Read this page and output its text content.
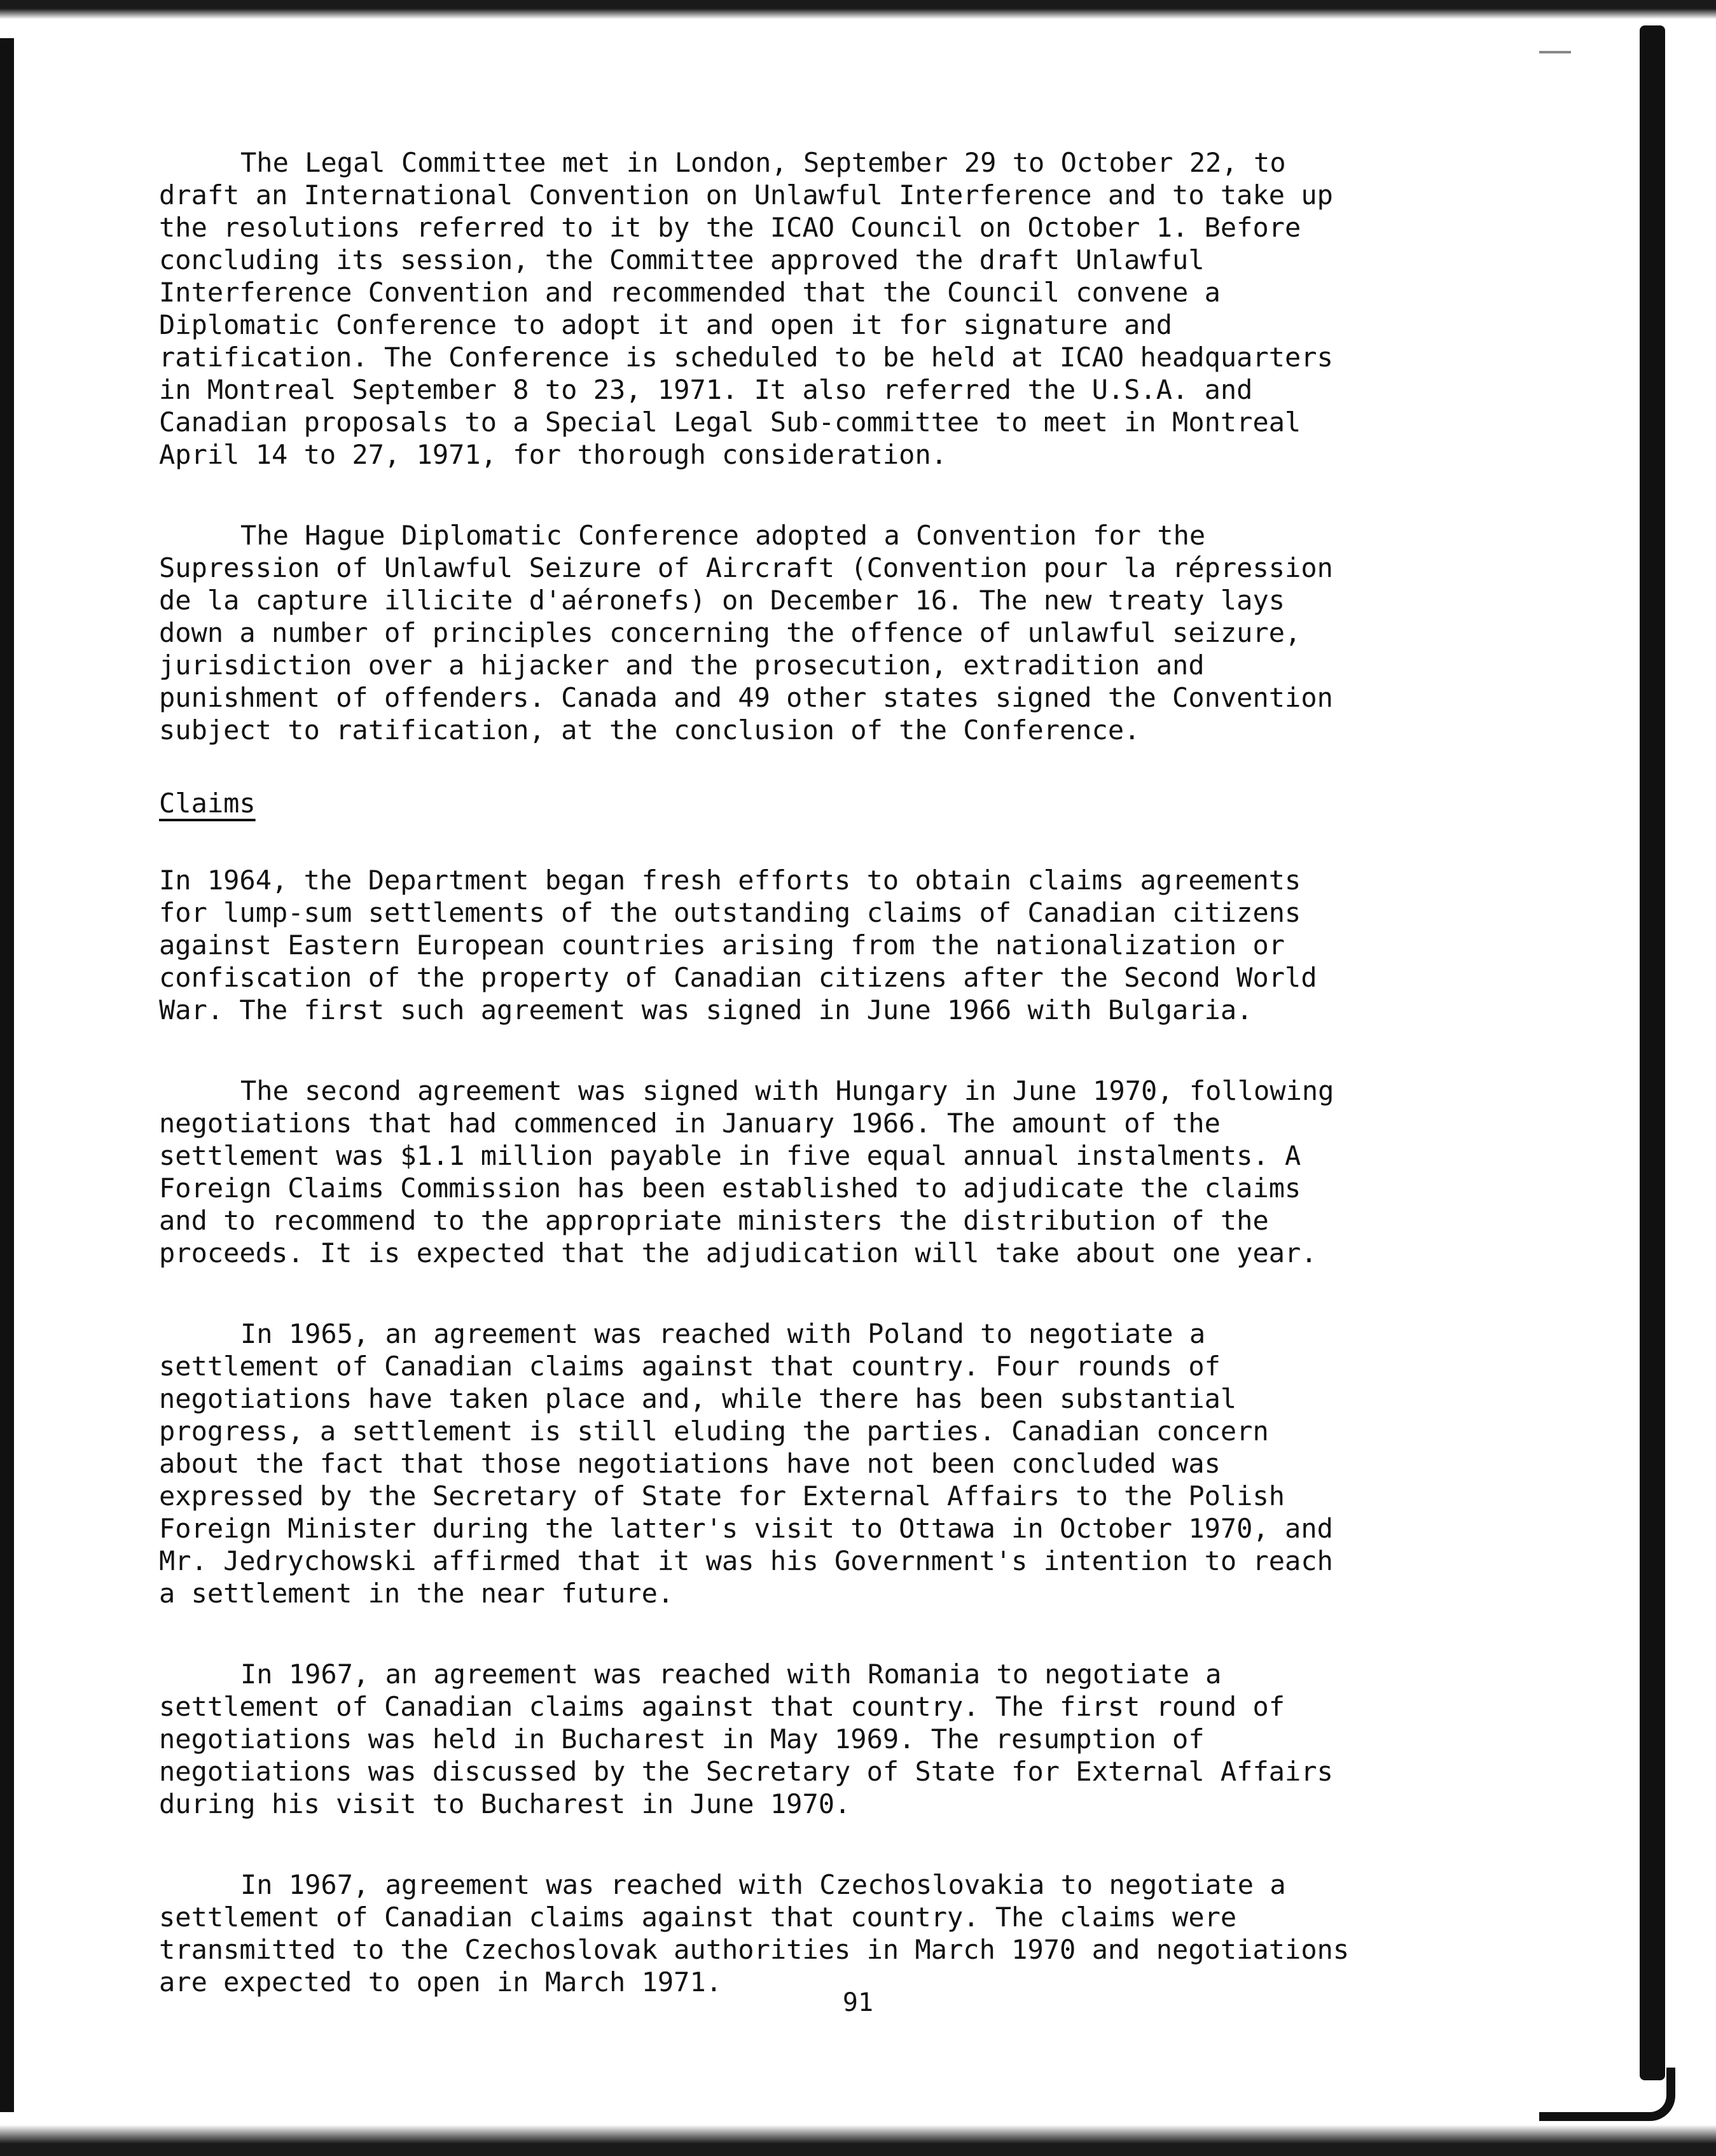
The Legal Committee met in London, September 29 to October 22, to draft an International Convention on Unlawful Interference and to take up the resolutions referred to it by the ICAO Council on October 1. Before concluding its session, the Committee approved the draft Unlawful Interference Convention and recommended that the Council convene a Diplomatic Conference to adopt it and open it for signature and ratification. The Conference is scheduled to be held at ICAO headquarters in Montreal September 8 to 23, 1971. It also referred the U.S.A. and Canadian proposals to a Special Legal Sub-committee to meet in Montreal April 14 to 27, 1971, for thorough consideration.

The Hague Diplomatic Conference adopted a Convention for the Supression of Unlawful Seizure of Aircraft (Convention pour la répression de la capture illicite d'aéronefs) on December 16. The new treaty lays down a number of principles concerning the offence of unlawful seizure, jurisdiction over a hijacker and the prosecution, extradition and punishment of offenders. Canada and 49 other states signed the Convention subject to ratification, at the conclusion of the Conference.

Claims

In 1964, the Department began fresh efforts to obtain claims agreements for lump-sum settlements of the outstanding claims of Canadian citizens against Eastern European countries arising from the nationalization or confiscation of the property of Canadian citizens after the Second World War. The first such agreement was signed in June 1966 with Bulgaria.

The second agreement was signed with Hungary in June 1970, following negotiations that had commenced in January 1966. The amount of the settlement was $1.1 million payable in five equal annual instalments. A Foreign Claims Commission has been established to adjudicate the claims and to recommend to the appropriate ministers the distribution of the proceeds. It is expected that the adjudication will take about one year.

In 1965, an agreement was reached with Poland to negotiate a settlement of Canadian claims against that country. Four rounds of negotiations have taken place and, while there has been substantial progress, a settlement is still eluding the parties. Canadian concern about the fact that those negotiations have not been concluded was expressed by the Secretary of State for External Affairs to the Polish Foreign Minister during the latter's visit to Ottawa in October 1970, and Mr. Jedrychowski affirmed that it was his Government's intention to reach a settlement in the near future.

In 1967, an agreement was reached with Romania to negotiate a settlement of Canadian claims against that country. The first round of negotiations was held in Bucharest in May 1969. The resumption of negotiations was discussed by the Secretary of State for External Affairs during his visit to Bucharest in June 1970.

In 1967, agreement was reached with Czechoslovakia to negotiate a settlement of Canadian claims against that country. The claims were transmitted to the Czechoslovak authorities in March 1970 and negotiations are expected to open in March 1971.

91
